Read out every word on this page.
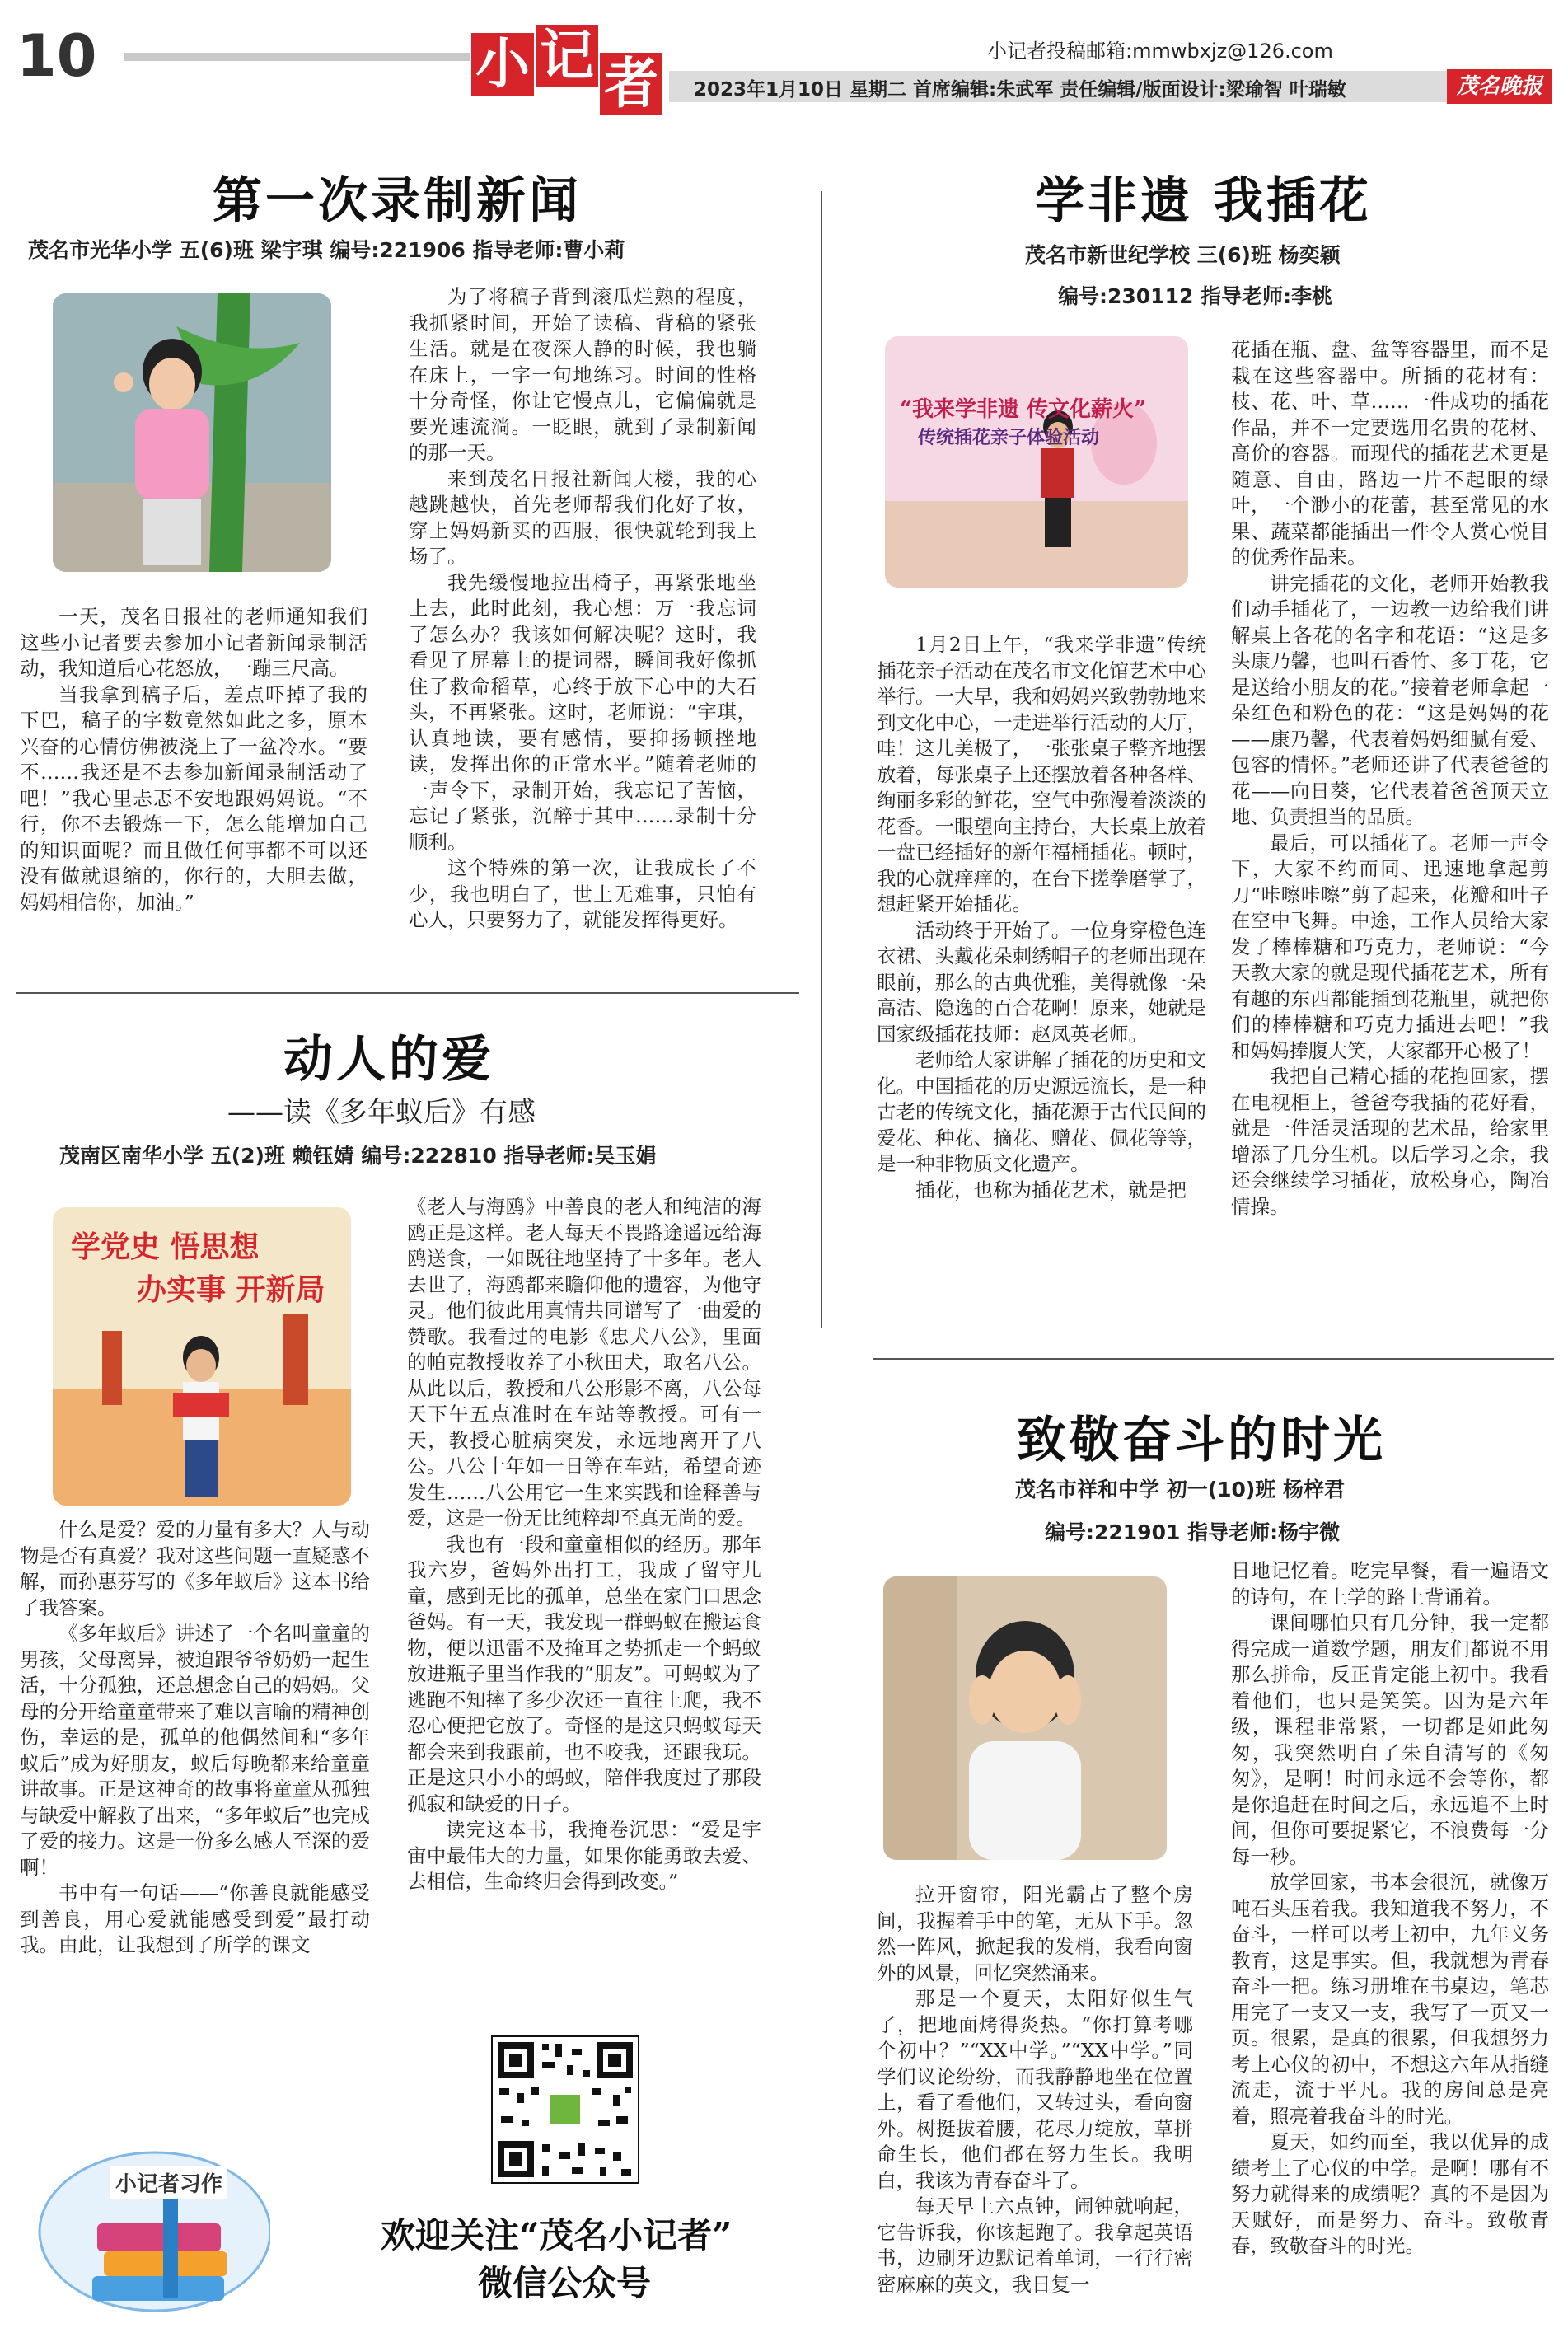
10	小 记 者
小记者投稿邮箱:mmwbxjz@126.com
2023年1月10日 星期二 首席编辑:朱武军 责任编辑/版面设计:梁瑜智 叶瑞敏	茂名晚报
第一次录制新闻
茂名市光华小学 五(6)班 梁宇琪 编号:221906 指导老师:曹小莉

一天，茂名日报社的老师通知我们这些小记者要去参加小记者新闻录制活动，我知道后心花怒放，一蹦三尺高。

当我拿到稿子后，差点吓掉了我的下巴，稿子的字数竟然如此之多，原本兴奋的心情仿佛被浇上了一盆冷水。“要不……我还是不去参加新闻录制活动了吧！”我心里忐忑不安地跟妈妈说。“不行，你不去锻炼一下，怎么能增加自己的知识面呢？而且做任何事都不可以还没有做就退缩的，你行的，大胆去做，妈妈相信你，加油。”

为了将稿子背到滚瓜烂熟的程度，我抓紧时间，开始了读稿、背稿的紧张生活。就是在夜深人静的时候，我也躺在床上，一字一句地练习。时间的性格十分奇怪，你让它慢点儿，它偏偏就是要光速流淌。一眨眼，就到了录制新闻的那一天。

来到茂名日报社新闻大楼，我的心越跳越快，首先老师帮我们化好了妆，穿上妈妈新买的西服，很快就轮到我上场了。

我先缓慢地拉出椅子，再紧张地坐上去，此时此刻，我心想：万一我忘词了怎么办？我该如何解决呢？这时，我看见了屏幕上的提词器，瞬间我好像抓住了救命稻草，心终于放下心中的大石头，不再紧张。这时，老师说：“宇琪，认真地读，要有感情，要抑扬顿挫地读，发挥出你的正常水平。”随着老师的一声令下，录制开始，我忘记了苦恼，忘记了紧张，沉醉于其中……录制十分顺利。

这个特殊的第一次，让我成长了不少，我也明白了，世上无难事，只怕有心人，只要努力了，就能发挥得更好。

动人的爱
——读《多年蚁后》有感
茂南区南华小学 五(2)班 赖钰婧 编号:222810 指导老师:吴玉娟
学党史 悟思想
办实事 开新局

什么是爱？爱的力量有多大？人与动物是否有真爱？我对这些问题一直疑惑不解，而孙惠芬写的《多年蚁后》这本书给了我答案。

《多年蚁后》讲述了一个名叫童童的男孩，父母离异，被迫跟爷爷奶奶一起生活，十分孤独，还总想念自己的妈妈。父母的分开给童童带来了难以言喻的精神创伤，幸运的是，孤单的他偶然间和“多年蚁后”成为好朋友，蚁后每晚都来给童童讲故事。正是这神奇的故事将童童从孤独与缺爱中解救了出来，“多年蚁后”也完成了爱的接力。这是一份多么感人至深的爱啊！

书中有一句话——“你善良就能感受到善良，用心爱就能感受到爱”最打动我。由此，让我想到了所学的课文

《老人与海鸥》中善良的老人和纯洁的海鸥正是这样。老人每天不畏路途遥远给海鸥送食，一如既往地坚持了十多年。老人去世了，海鸥都来瞻仰他的遗容，为他守灵。他们彼此用真情共同谱写了一曲爱的赞歌。我看过的电影《忠犬八公》，里面的帕克教授收养了小秋田犬，取名八公。从此以后，教授和八公形影不离，八公每天下午五点准时在车站等教授。可有一天，教授心脏病突发，永远地离开了八公。八公十年如一日等在车站，希望奇迹发生……八公用它一生来实践和诠释善与爱，这是一份无比纯粹却至真无尚的爱。

我也有一段和童童相似的经历。那年我六岁，爸妈外出打工，我成了留守儿童，感到无比的孤单，总坐在家门口思念爸妈。有一天，我发现一群蚂蚁在搬运食物，便以迅雷不及掩耳之势抓走一个蚂蚁放进瓶子里当作我的“朋友”。可蚂蚁为了逃跑不知摔了多少次还一直往上爬，我不忍心便把它放了。奇怪的是这只蚂蚁每天都会来到我跟前，也不咬我，还跟我玩。正是这只小小的蚂蚁，陪伴我度过了那段孤寂和缺爱的日子。

读完这本书，我掩卷沉思：“爱是宇宙中最伟大的力量，如果你能勇敢去爱、去相信，生命终归会得到改变。”

小记者习作
欢迎关注“茂名小记者”
微信公众号
学非遗 我插花
茂名市新世纪学校 三(6)班 杨奕颖
编号:230112 指导老师:李桃
“我来学非遗 传文化薪火”
传统插花亲子体验活动

1月2日上午，“我来学非遗”传统插花亲子活动在茂名市文化馆艺术中心举行。一大早，我和妈妈兴致勃勃地来到文化中心，一走进举行活动的大厅，哇！这儿美极了，一张张桌子整齐地摆放着，每张桌子上还摆放着各种各样、绚丽多彩的鲜花，空气中弥漫着淡淡的花香。一眼望向主持台，大长桌上放着一盘已经插好的新年福桶插花。顿时，我的心就痒痒的，在台下搓拳磨掌了，想赶紧开始插花。

活动终于开始了。一位身穿橙色连衣裙、头戴花朵刺绣帽子的老师出现在眼前，那么的古典优雅，美得就像一朵高洁、隐逸的百合花啊！原来，她就是国家级插花技师：赵凤英老师。

老师给大家讲解了插花的历史和文化。中国插花的历史源远流长，是一种古老的传统文化，插花源于古代民间的爱花、种花、摘花、赠花、佩花等等，是一种非物质文化遗产。

插花，也称为插花艺术，就是把

花插在瓶、盘、盆等容器里，而不是栽在这些容器中。所插的花材有：枝、花、叶、草……一件成功的插花作品，并不一定要选用名贵的花材、高价的容器。而现代的插花艺术更是随意、自由，路边一片不起眼的绿叶，一个渺小的花蕾，甚至常见的水果、蔬菜都能插出一件令人赏心悦目的优秀作品来。

讲完插花的文化，老师开始教我们动手插花了，一边教一边给我们讲解桌上各花的名字和花语：“这是多头康乃馨，也叫石香竹、多丁花，它是送给小朋友的花。”接着老师拿起一朵红色和粉色的花：“这是妈妈的花——康乃馨，代表着妈妈细腻有爱、包容的情怀。”老师还讲了代表爸爸的花——向日葵，它代表着爸爸顶天立地、负责担当的品质。

最后，可以插花了。老师一声令下，大家不约而同、迅速地拿起剪刀“咔嚓咔嚓”剪了起来，花瓣和叶子在空中飞舞。中途，工作人员给大家发了棒棒糖和巧克力，老师说：“今天教大家的就是现代插花艺术，所有有趣的东西都能插到花瓶里，就把你们的棒棒糖和巧克力插进去吧！”我和妈妈捧腹大笑，大家都开心极了！

我把自己精心插的花抱回家，摆在电视柜上，爸爸夸我插的花好看，就是一件活灵活现的艺术品，给家里增添了几分生机。以后学习之余，我还会继续学习插花，放松身心，陶冶情操。

致敬奋斗的时光
茂名市祥和中学 初一(10)班 杨梓君
编号:221901 指导老师:杨宇微

拉开窗帘，阳光霸占了整个房间，我握着手中的笔，无从下手。忽然一阵风，掀起我的发梢，我看向窗外的风景，回忆突然涌来。

那是一个夏天，太阳好似生气了，把地面烤得炎热。“你打算考哪个初中？”“XX中学。”“XX中学。”同学们议论纷纷，而我静静地坐在位置上，看了看他们，又转过头，看向窗外。树挺拔着腰，花尽力绽放，草拼命生长，他们都在努力生长。我明白，我该为青春奋斗了。

每天早上六点钟，闹钟就响起，它告诉我，你该起跑了。我拿起英语书，边刷牙边默记着单词，一行行密密麻麻的英文，我日复一

日地记忆着。吃完早餐，看一遍语文的诗句，在上学的路上背诵着。

课间哪怕只有几分钟，我一定都得完成一道数学题，朋友们都说不用那么拼命，反正肯定能上初中。我看着他们，也只是笑笑。因为是六年级，课程非常紧，一切都是如此匆匆，我突然明白了朱自清写的《匆匆》，是啊！时间永远不会等你，都是你追赶在时间之后，永远追不上时间，但你可要捉紧它，不浪费每一分每一秒。

放学回家，书本会很沉，就像万吨石头压着我。我知道我不努力，不奋斗，一样可以考上初中，九年义务教育，这是事实。但，我就想为青春奋斗一把。练习册堆在书桌边，笔芯用完了一支又一支，我写了一页又一页。很累，是真的很累，但我想努力考上心仪的初中，不想这六年从指缝流走，流于平凡。我的房间总是亮着，照亮着我奋斗的时光。

夏天，如约而至，我以优异的成绩考上了心仪的中学。是啊！哪有不努力就得来的成绩呢？真的不是因为天赋好，而是努力、奋斗。致敬青春，致敬奋斗的时光。
